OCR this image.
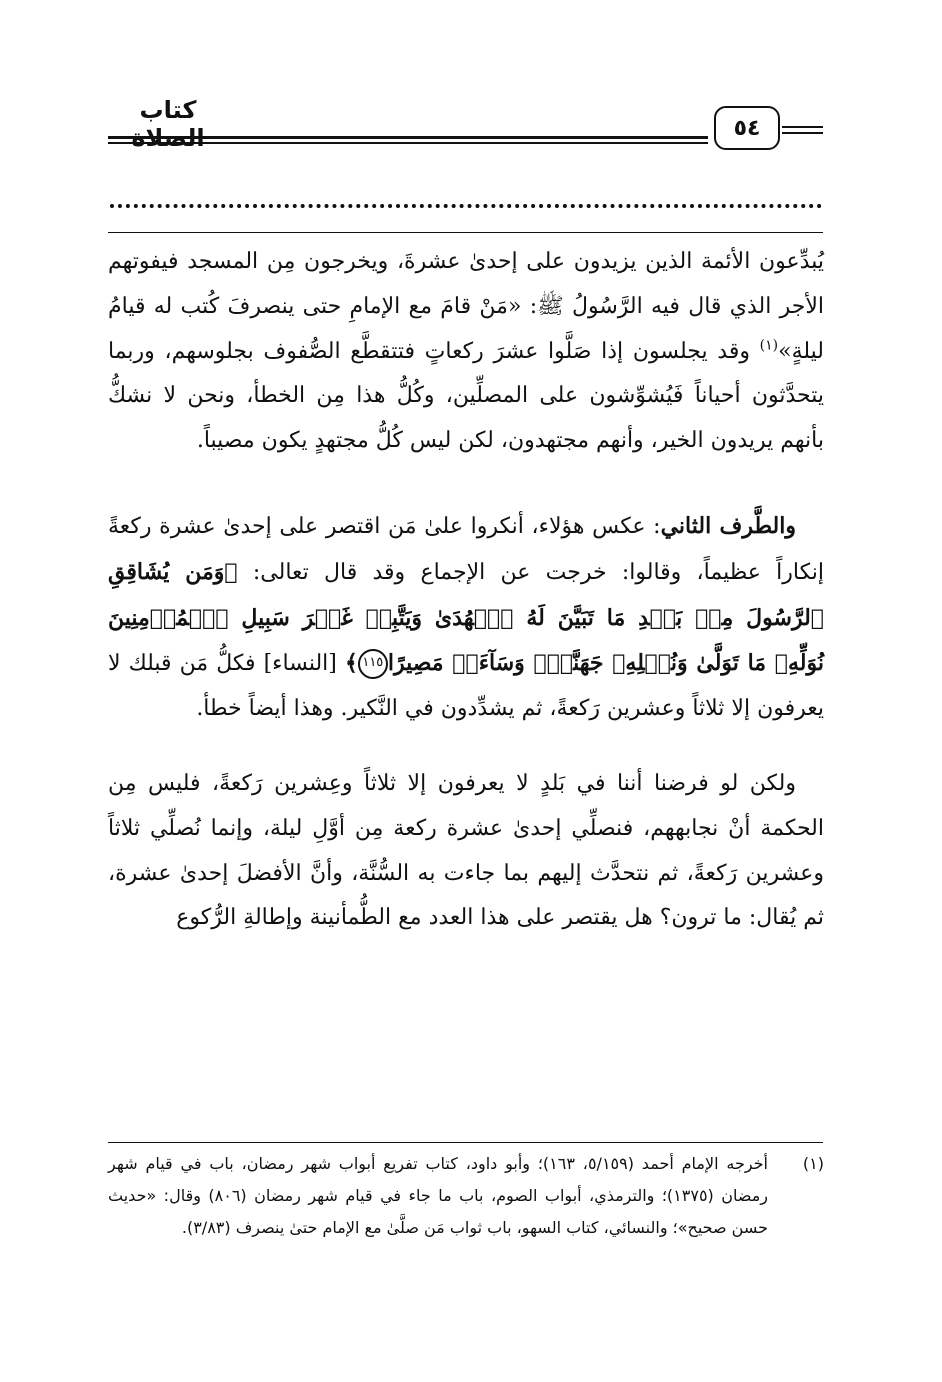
كتاب
٥٤

يُبدِّعون الأئمة الذين يزيدون على إحدىٰ عشرةَ، ويخرجون مِن المسجد فيفوتهم الأجر الذي قال فيه الرَّسُولُ ﷺ: «مَنْ قامَ مع الإمامِ حتى ينصرفَ كُتب له قيامُ ليلةٍ»$^{(١)}$ وقد يجلسون إذا صَلَّوا عشرَ ركعاتٍ فتتقطَّع الصُّفوف بجلوسهم، وربما يتحدَّثون أحياناً فَيُشوِّشون على المصلِّين، وكُلُّ هذا مِن الخطأ، ونحن لا نشكُّ بأنهم يريدون الخير، وأنهم مجتهدون، لكن ليس كُلُّ مجتهدٍ يكون مصيباً.

والطَّرف الثاني: عكس هؤلاء، أنكروا علىٰ مَن اقتصر على إحدىٰ عشرة ركعةً إنكاراً عظيماً، وقالوا: خرجت عن الإجماع وقد قال تعالى: ﴿وَمَن يُشَاقِقِ ٱلرَّسُولَ مِنۢ بَعۡدِ مَا تَبَيَّنَ لَهُ ٱلۡهُدَىٰ وَيَتَّبِعۡ غَيۡرَ سَبِيلِ ٱلۡمُؤۡمِنِينَ نُوَلِّهِۦ مَا تَوَلَّىٰ وَنُصۡلِهِۦ جَهَنَّمَۖ وَسَآءَتۡ مَصِيرًا١١٥﴾ [النساء] فكلُّ مَن قبلك لا يعرفون إلا ثلاثاً وعشرين رَكعةً، ثم يشدِّدون في النَّكير. وهذا أيضاً خطأ.

ولكن لو فرضنا أننا في بَلدٍ لا يعرفون إلا ثلاثاً وعِشرين رَكعةً، فليس مِن الحكمة أنْ نجابههم، فنصلِّي إحدىٰ عشرة ركعة مِن أوَّلِ ليلة، وإنما نُصلِّي ثلاثاً وعشرين رَكعةً، ثم نتحدَّث إليهم بما جاءت به السُّنَّة، وأنَّ الأفضلَ إحدىٰ عشرة، ثم يُقال: ما ترون؟ هل يقتصر على هذا العدد مع الطُّمأنينة وإطالةِ الرُّكوع

(١)
أخرجه الإمام أحمد (٥/١٥٩، ١٦٣)؛ وأبو داود، كتاب تفريع أبواب شهر رمضان، باب في قيام شهر رمضان (١٣٧٥)؛ والترمذي، أبواب الصوم، باب ما جاء في قيام شهر رمضان (٨٠٦) وقال: «حديث حسن صحيح»؛ والنسائي، كتاب السهو، باب ثواب مَن صلَّىٰ مع الإمام حتىٰ ينصرف (٣/٨٣).
